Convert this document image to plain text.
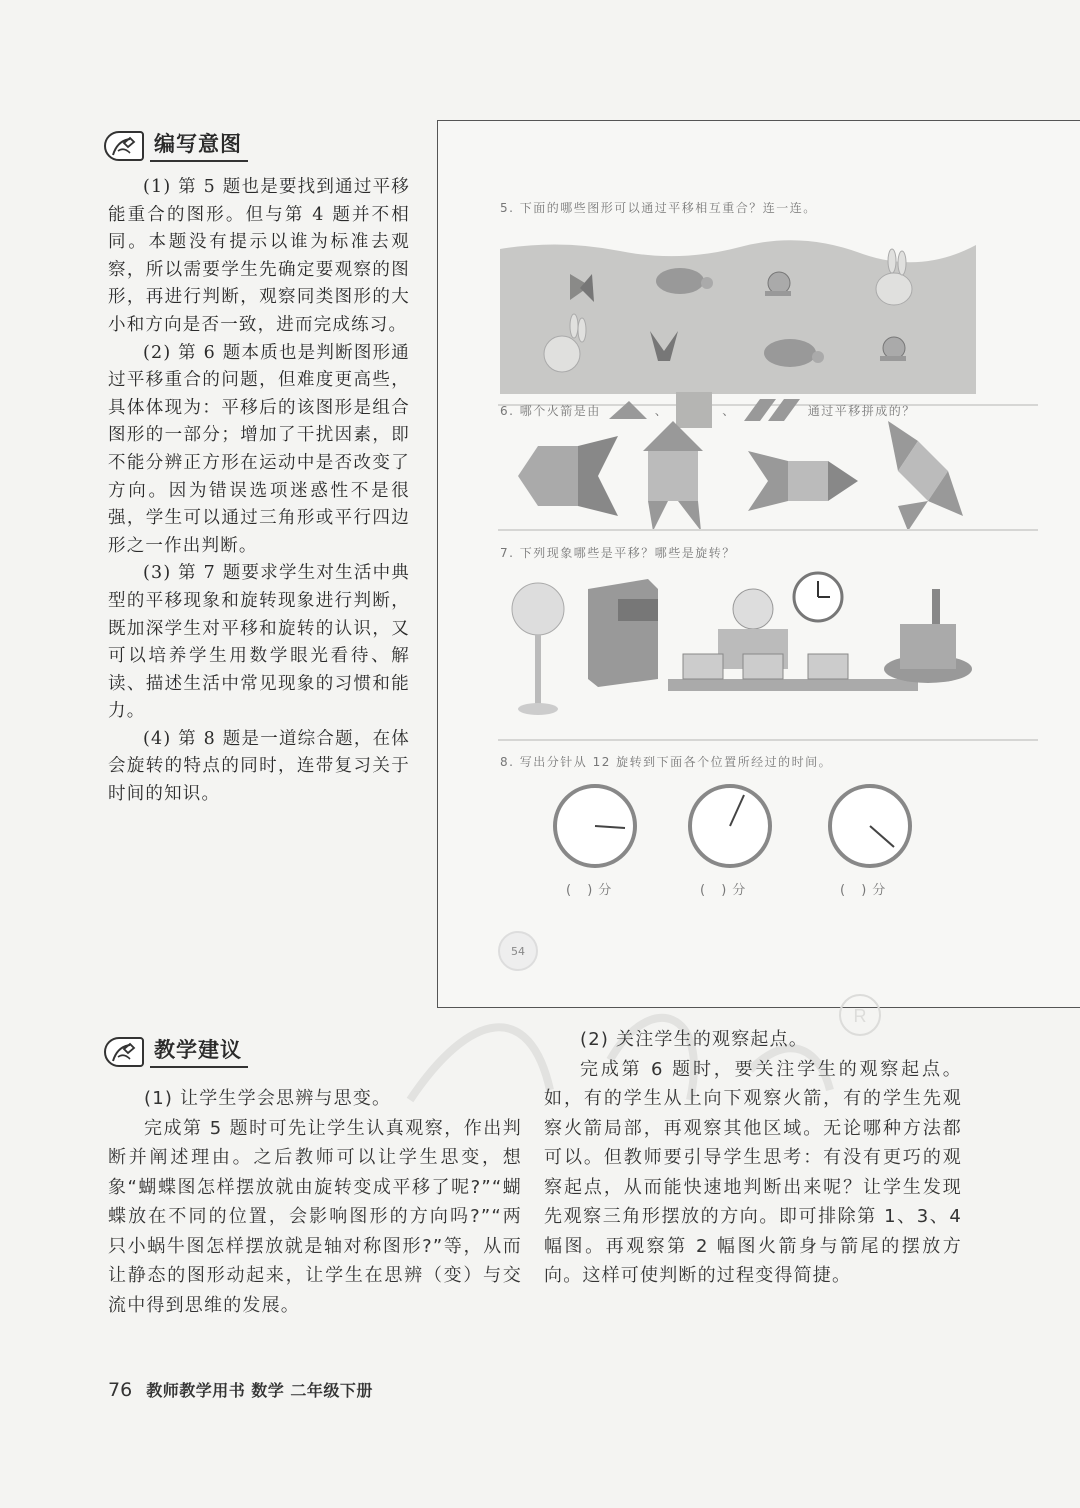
编写意图

(1) 第 5 题也是要找到通过平移能重合的图形。但与第 4 题并不相同。本题没有提示以谁为标准去观察，所以需要学生先确定要观察的图形，再进行判断，观察同类图形的大小和方向是否一致，进而完成练习。

(2) 第 6 题本质也是判断图形通过平移重合的问题，但难度更高些，具体体现为：平移后的该图形是组合图形的一部分；增加了干扰因素，即不能分辨正方形在运动中是否改变了方向。因为错误选项迷惑性不是很强，学生可以通过三角形或平行四边形之一作出判断。

(3) 第 7 题要求学生对生活中典型的平移现象和旋转现象进行判断，既加深学生对平移和旋转的认识，又可以培养学生用数学眼光看待、解读、描述生活中常见现象的习惯和能力。

(4) 第 8 题是一道综合题，在体会旋转的特点的同时，连带复习关于时间的知识。

5. 下面的哪些图形可以通过平移相互重合？连一连。
6. 哪个火箭是由	、	、	通过平移拼成的？
7. 下列现象哪些是平移？哪些是旋转？
8. 写出分针从 12 旋转到下面各个位置所经过的时间。
( )分	( )分	( )分
54
R
教学建议

(1) 让学生学会思辨与思变。

完成第 5 题时可先让学生认真观察，作出判断并阐述理由。之后教师可以让学生思变，想象“蝴蝶图怎样摆放就由旋转变成平移了呢?”“蝴蝶放在不同的位置，会影响图形的方向吗?”“两只小蜗牛图怎样摆放就是轴对称图形?”等，从而让静态的图形动起来，让学生在思辨（变）与交流中得到思维的发展。

(2) 关注学生的观察起点。

完成第 6 题时，要关注学生的观察起点。如，有的学生从上向下观察火箭，有的学生先观察火箭局部，再观察其他区域。无论哪种方法都可以。但教师要引导学生思考：有没有更巧的观察起点，从而能快速地判断出来呢？让学生发现先观察三角形摆放的方向。即可排除第 1、3、4 幅图。再观察第 2 幅图火箭身与箭尾的摆放方向。这样可使判断的过程变得简捷。

76 教师教学用书 数学 二年级下册
